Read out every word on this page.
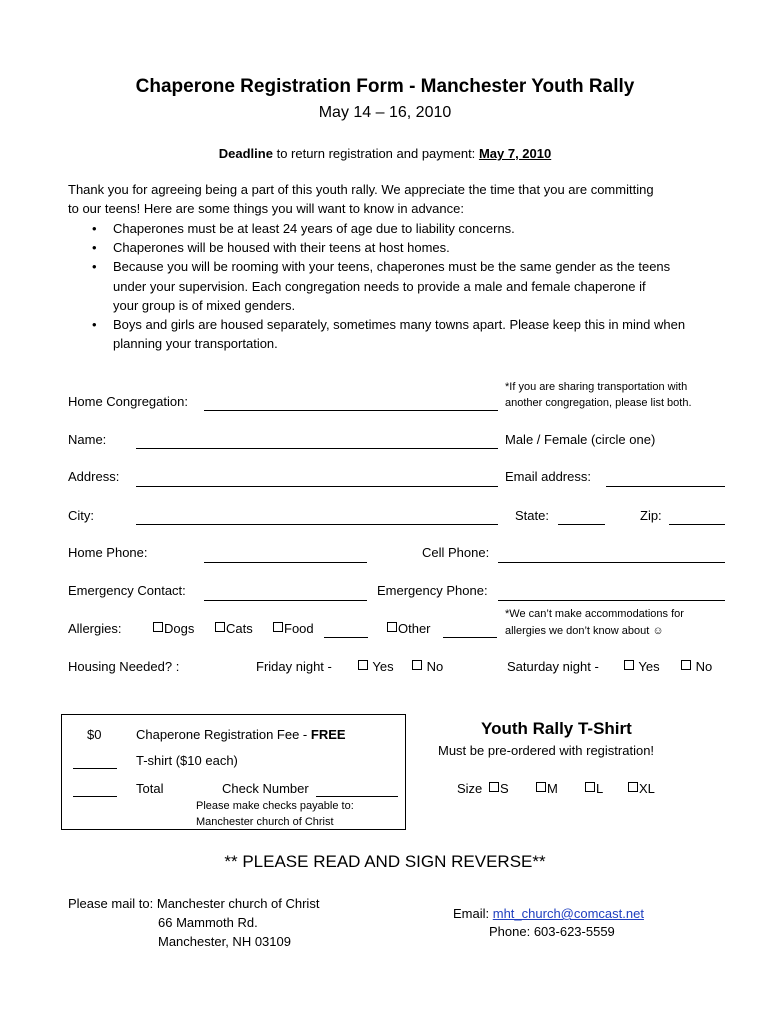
Chaperone Registration Form - Manchester Youth Rally
May 14 – 16, 2010
Deadline to return registration and payment: May 7, 2010
Thank you for agreeing being a part of this youth rally. We appreciate the time that you are committing
to our teens! Here are some things you will want to know in advance:
• Chaperones must be at least 24 years of age due to liability concerns.
• Chaperones will be housed with their teens at host homes.
• Because you will be rooming with your teens, chaperones must be the same gender as the teens under your supervision. Each congregation needs to provide a male and female chaperone if your group is of mixed genders.
• Boys and girls are housed separately, sometimes many towns apart. Please keep this in mind when planning your transportation.
Home Congregation:
*If you are sharing transportation with
another congregation, please list both.
Name:	Male / Female (circle one)
Address:	Email address:
City:	State:	Zip:
Home Phone:	Cell Phone:
Emergency Contact:	Emergency Phone:
Allergies:	Dogs	Cats	Food	Other
*We can’t make accommodations for
allergies we don’t know about ☺
Housing Needed? :	Friday night -	Yes	No	Saturday night -	Yes	No
$0	Chaperone Registration Fee - FREE
T-shirt ($10 each)
Total	Check Number
Please make checks payable to:
Manchester church of Christ
Youth Rally T-Shirt
Must be pre-ordered with registration!
Size	S	M	L	XL
** PLEASE READ AND SIGN REVERSE**
Please mail to: Manchester church of Christ
66 Mammoth Rd.
Manchester, NH 03109
Email: mht_church@comcast.net
Phone: 603-623-5559
